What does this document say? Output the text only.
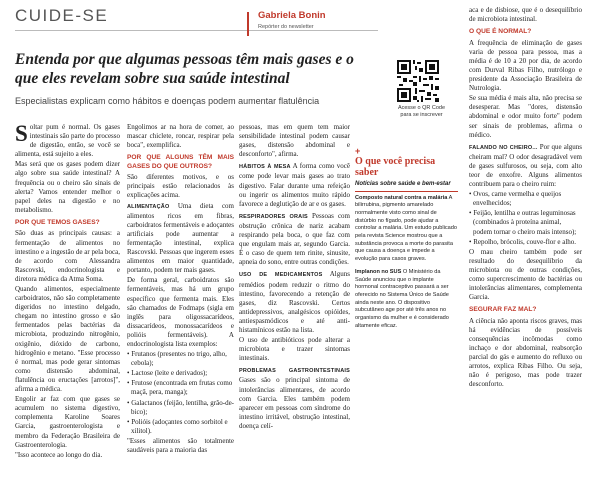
CUIDE-SE	Gabriela Bonin
Repórter do newsletter
Entenda por que algumas pessoas têm mais gases e o que eles revelam sobre sua saúde intestinal
Especialistas explicam como hábitos e doenças podem aumentar flatulência

Soltar pum é normal. Os gases intestinais são parte do processo de digestão, então, se você se alimenta, está sujeito a eles.

Mas será que os gases podem dizer algo sobre sua saúde intestinal? A frequência ou o cheiro são sinais de alerta? Vamos entender melhor o papel deles na digestão e no metabolismo.

POR QUE TEMOS GASES?

São duas as principais causas: a fermentação de alimentos no intestino e a ingestão de ar pela boca, de acordo com Alessandra Rascovski, endocrinologista e diretora médica da Atma Soma.

Quando alimentos, especialmente carboidratos, não são completamente digeridos no intestino delgado, chegam no intestino grosso e são fermentados pelas bactérias da microbiota, produzindo nitrogênio, oxigênio, dióxido de carbono, hidrogênio e metano. "Esse processo é normal, mas pode gerar sintomas como distensão abdominal, flatulência ou eructações [arrotos]", afirma a médica.

Engolir ar faz com que gases se acumulem no sistema digestivo, complementa Karoline Soares Garcia, gastroenterologista e membro da Federação Brasileira de Gastroenterologia.

"Isso acontece ao longo do dia.

Engolimos ar na hora de comer, ao mascar chiclete, roncar, respirar pela boca", exemplifica.

POR QUE ALGUNS TÊM MAIS GASES DO QUE OUTROS?

São diferentes motivos, e os principais estão relacionados às explicações acima.

ALIMENTAÇÃO Uma dieta com alimentos ricos em fibras, carboidratos fermentáveis e adoçantes artificiais pode aumentar a fermentação intestinal, explica Rascovski. Pessoas que ingerem esses alimentos em maior quantidade, portanto, podem ter mais gases.

De forma geral, carboidratos são fermentáveis, mas há um grupo específico que fermenta mais. Eles são chamados de Fodmaps (sigla em inglês para oligossacarídeos, dissacarídeos, monossacarídeos e polióis fermentáveis). A endocrinologista lista exemplos:

• Frutanos (presentes no trigo, alho, cebola);

• Lactose (leite e derivados);

• Frutose (encontrada em frutas como maçã, pera, manga);

• Galactanos (feijão, lentilha, grão-de-bico);

• Polióis (adoçantes como sorbitol e xilitol).

"Esses alimentos são totalmente saudáveis para a maioria das

pessoas, mas em quem tem maior sensibilidade intestinal podem causar gases, distensão abdominal e desconforto", afirma.

HÁBITOS À MESA A forma como você come pode levar mais gases ao trato digestivo. Falar durante uma refeição ou ingerir os alimentos muito rápido favorece a deglutição de ar e os gases.

RESPIRADORES ORAIS Pessoas com obstrução crônica de nariz acabam respirando pela boca, o que faz com que engulam mais ar, segundo Garcia. É o caso de quem tem rinite, sinusite, apneia do sono, entre outras condições.

USO DE MEDICAMENTOS Alguns remédios podem reduzir o ritmo do intestino, favorecendo a retenção de gases, diz Rascovski. Certos antidepressivos, analgésicos opióides, antiespasmódicos e até anti-histamínicos estão na lista.

O uso de antibióticos pode alterar a microbiota e trazer sintomas intestinais.

PROBLEMAS GASTROINTESTINAIS Gases são o principal sintoma de intolerâncias alimentares, de acordo com Garcia. Eles também podem aparecer em pessoas com síndrome do intestino irritável, obstrução intestinal, doença celí-

Acesse o QR Code para se inscrever
+
O que você precisa saber
Notícias sobre saúde e bem-estar

Composto natural contra a malária A bilirrubina, pigmento amarelado normalmente visto como sinal de distúrbio no fígado, pode ajudar a controlar a malária. Um estudo publicado pela revista Science mostrou que a substância provoca a morte do parasita que causa a doença e impede a evolução para casos graves.

Implanon no SUS O Ministério da Saúde anunciou que o implante hormonal contraceptivo passará a ser oferecido no Sistema Único de Saúde ainda neste ano. O dispositivo subcutâneo age por até três anos no organismo da mulher e é considerado altamente eficaz.

aca e de disbiose, que é o desequilíbrio de microbiota intestinal.

O QUE É NORMAL?

A frequência de eliminação de gases varia de pessoa para pessoa, mas a média é de 10 a 20 por dia, de acordo com Durval Ribas Filho, nutrólogo e presidente da Associação Brasileira de Nutrologia.

Se sua média é mais alta, não precisa se desesperar. Mas "dores, distensão abdominal e odor muito forte" podem ser sinais de problemas, afirma o médico.

FALANDO NO CHEIRO... Por que alguns cheiram mal? O odor desagradável vem de gases sulfurosos, ou seja, com alto teor de enxofre. Alguns alimentos contribuem para o cheiro ruim:

• Ovos, carne vermelha e queijos envelhecidos;

• Feijão, lentilha e outras leguminosas (combinados à proteína animal, podem tornar o cheiro mais intenso);

• Repolho, brócolis, couve-flor e alho.

O mau cheiro também pode ser resultado do desequilíbrio da microbiota ou de outras condições, como supercrescimento de bactérias ou intolerâncias alimentares, complementa Garcia.

SEGURAR FAZ MAL?

A ciência não aponta riscos graves, mas há evidências de possíveis consequências incômodas como inchaço e dor abdominal, reabsorção parcial do gás e aumento do refluxo ou arrotos, explica Ribas Filho. Ou seja, não é perigoso, mas pode trazer desconforto.
